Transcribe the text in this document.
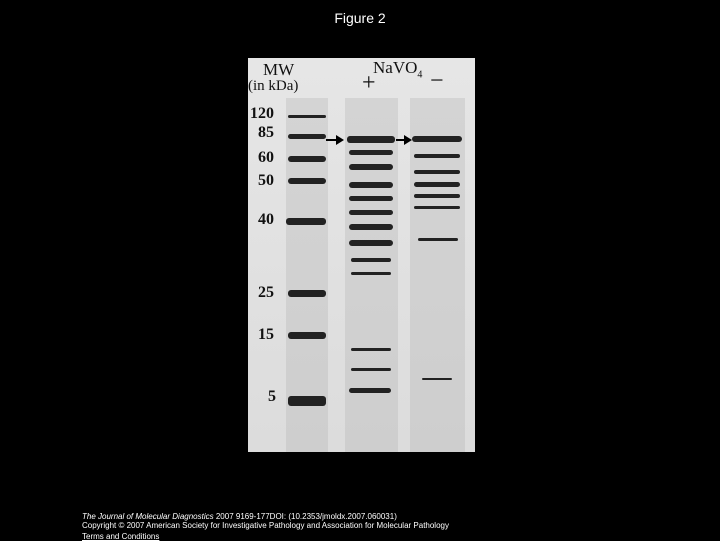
Figure 2
MW
(in kDa)
NaVO$_4$
+ −
120
85
60
50
40
25
15
5
The Journal of Molecular Diagnostics 2007 9169-177DOI: (10.2353/jmoldx.2007.060031)
Copyright © 2007 American Society for Investigative Pathology and Association for Molecular Pathology
Terms and Conditions
